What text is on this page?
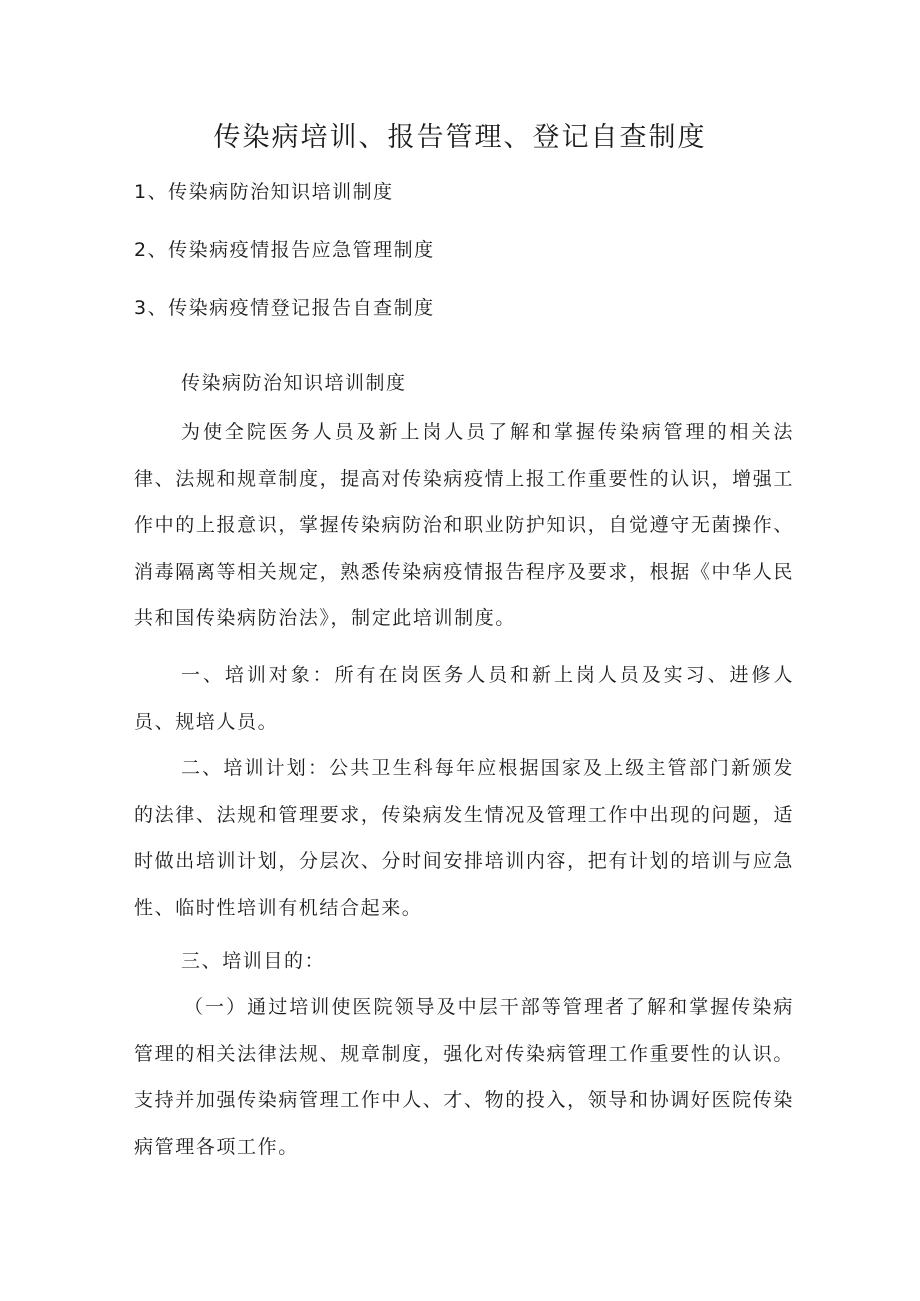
传染病培训、报告管理、登记自查制度
1、传染病防治知识培训制度
2、传染病疫情报告应急管理制度
3、传染病疫情登记报告自查制度
传染病防治知识培训制度

为使全院医务人员及新上岗人员了解和掌握传染病管理的相关法律、法规和规章制度，提高对传染病疫情上报工作重要性的认识，增强工作中的上报意识，掌握传染病防治和职业防护知识，自觉遵守无菌操作、消毒隔离等相关规定，熟悉传染病疫情报告程序及要求，根据《中华人民共和国传染病防治法》，制定此培训制度。

一、培训对象：所有在岗医务人员和新上岗人员及实习、进修人员、规培人员。

二、培训计划：公共卫生科每年应根据国家及上级主管部门新颁发的法律、法规和管理要求，传染病发生情况及管理工作中出现的问题，适时做出培训计划，分层次、分时间安排培训内容，把有计划的培训与应急性、临时性培训有机结合起来。

三、培训目的：

（一）通过培训使医院领导及中层干部等管理者了解和掌握传染病管理的相关法律法规、规章制度，强化对传染病管理工作重要性的认识。支持并加强传染病管理工作中人、才、物的投入，领导和协调好医院传染病管理各项工作。
